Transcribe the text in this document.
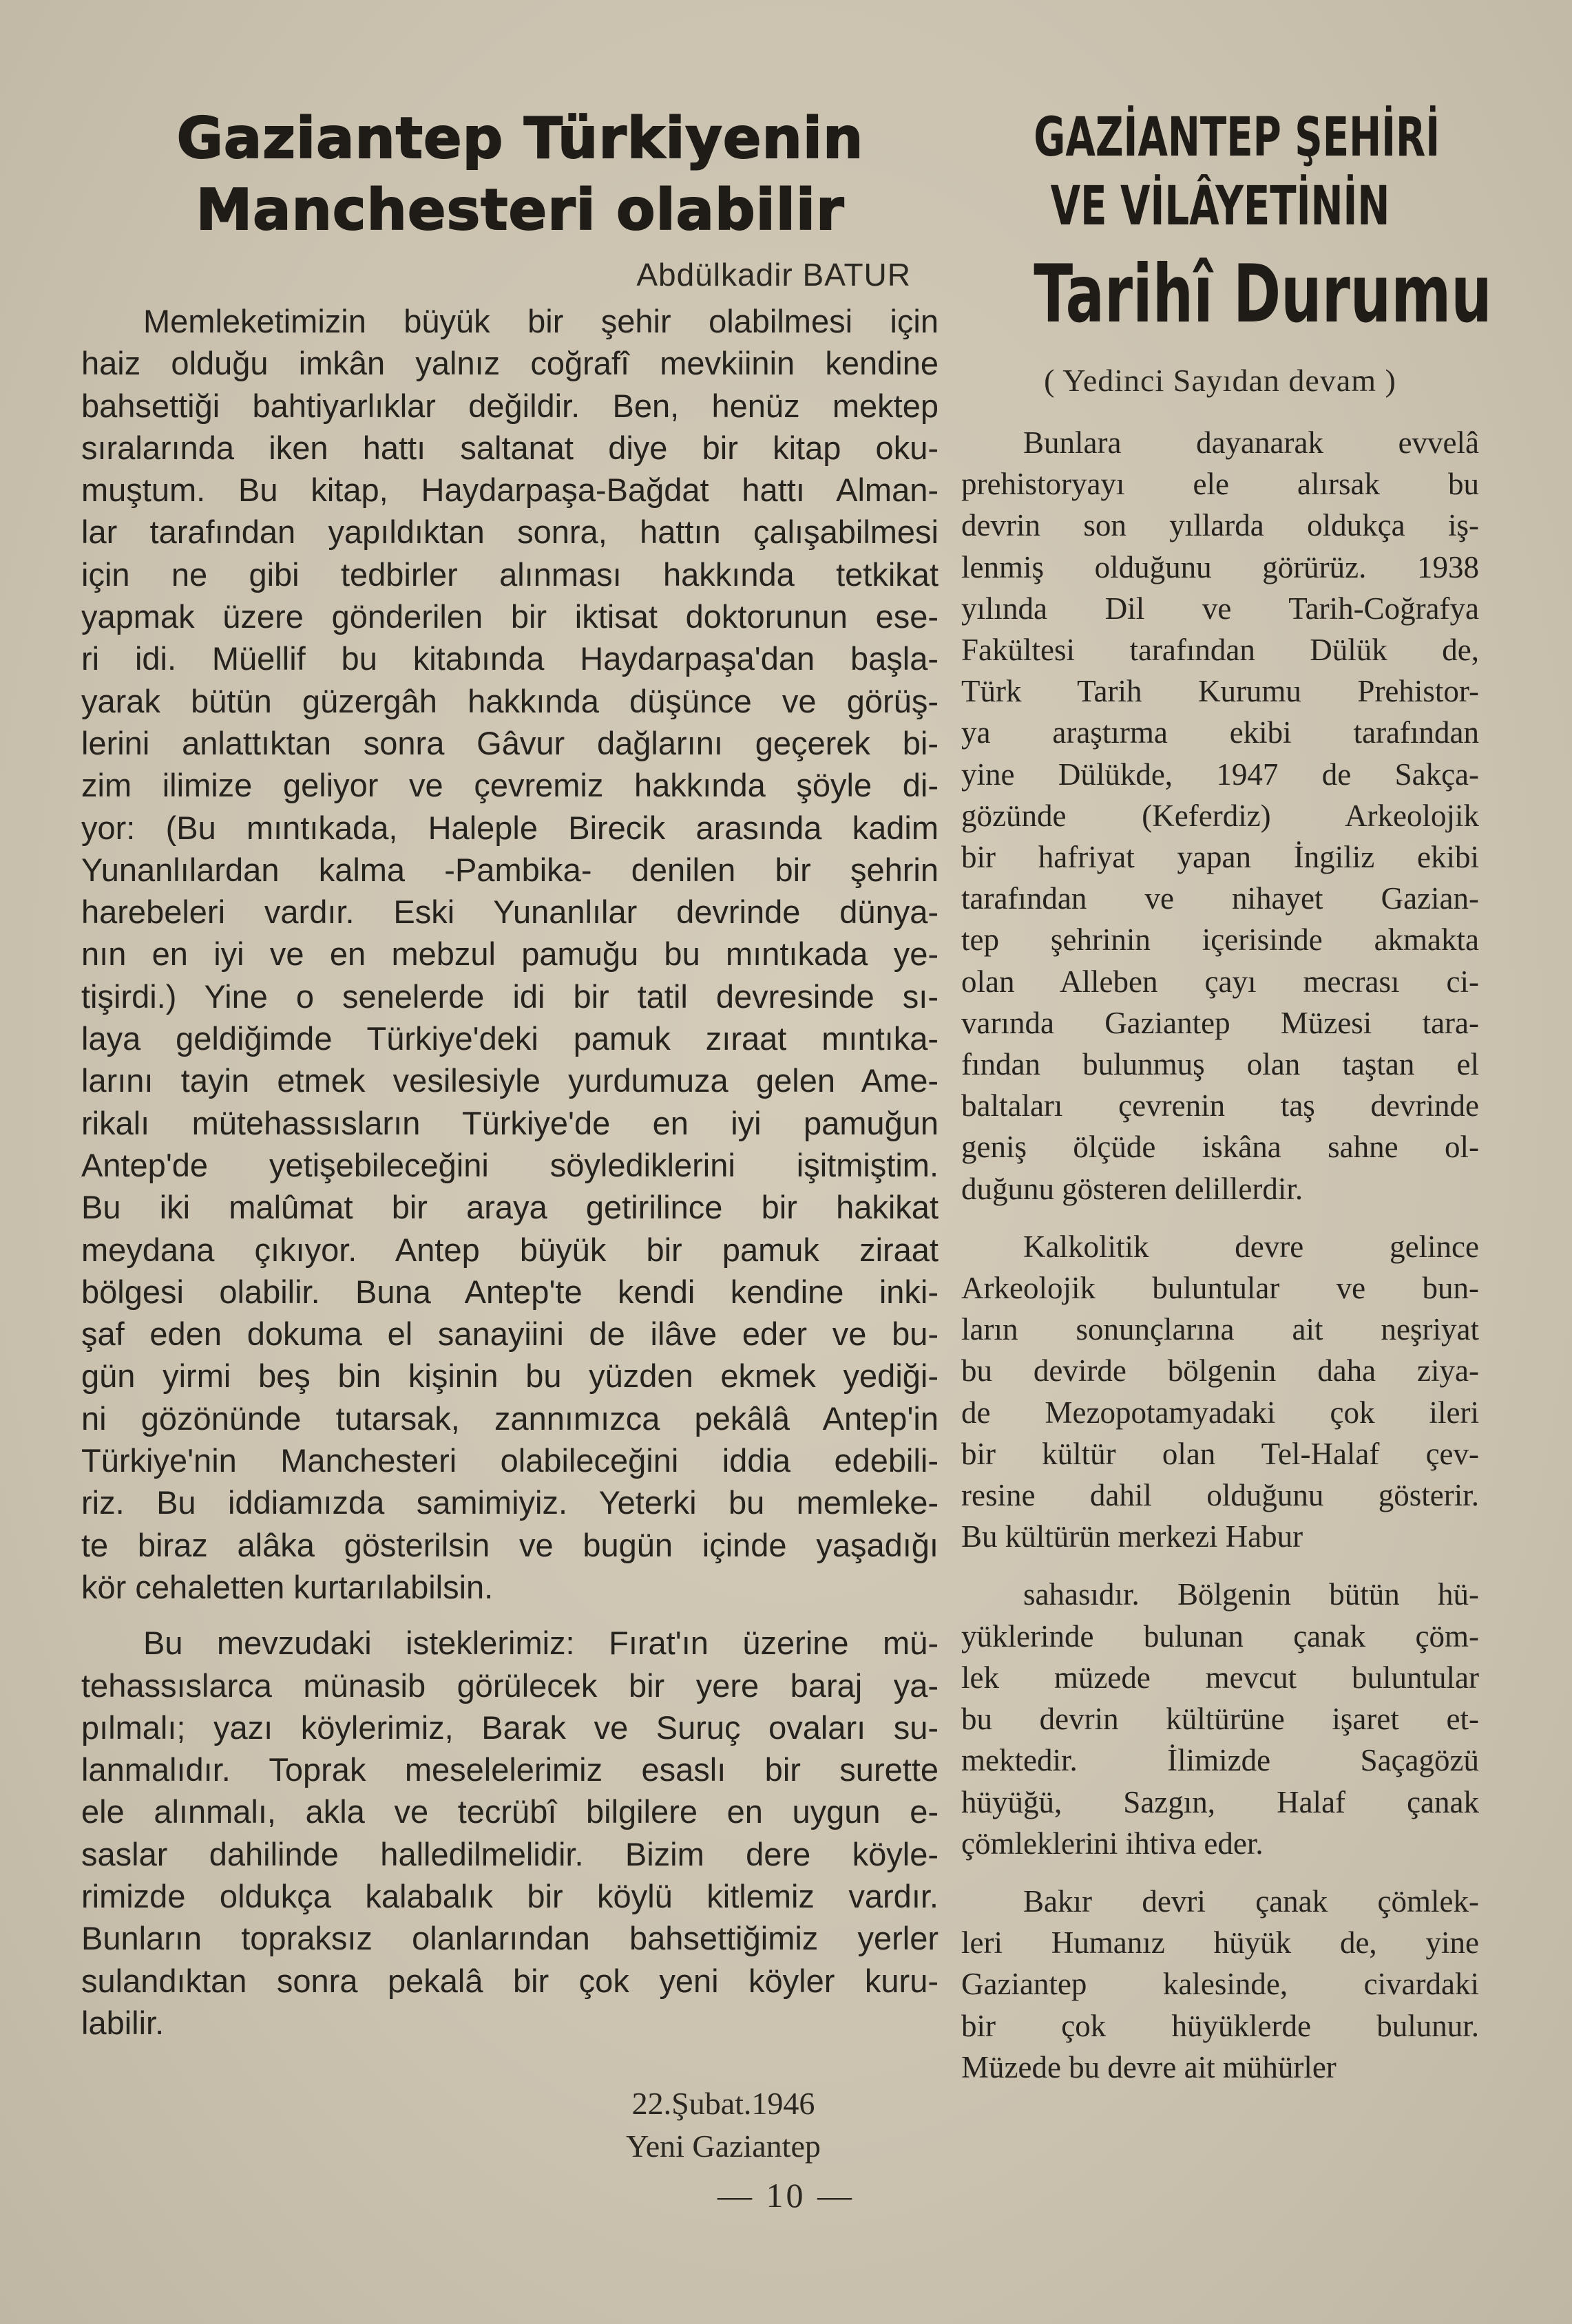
Gaziantep Türkiyenin
Manchesteri olabilir
Abdülkadir BATUR
Memleketimizin büyük bir şehir olabilmesi için
haiz olduğu imkân yalnız coğrafî mevkiinin kendine
bahsettiği bahtiyarlıklar değildir. Ben, henüz mektep
sıralarında iken hattı saltanat diye bir kitap oku-
muştum. Bu kitap, Haydarpaşa-Bağdat hattı Alman-
lar tarafından yapıldıktan sonra, hattın çalışabilmesi
için ne gibi tedbirler alınması hakkında tetkikat
yapmak üzere gönderilen bir iktisat doktorunun ese-
ri idi. Müellif bu kitabında Haydarpaşa'dan başla-
yarak bütün güzergâh hakkında düşünce ve görüş-
lerini anlattıktan sonra Gâvur dağlarını geçerek bi-
zim ilimize geliyor ve çevremiz hakkında şöyle di-
yor: (Bu mıntıkada, Haleple Birecik arasında kadim
Yunanlılardan kalma -Pambika- denilen bir şehrin
harebeleri vardır. Eski Yunanlılar devrinde dünya-
nın en iyi ve en mebzul pamuğu bu mıntıkada ye-
tişirdi.) Yine o senelerde idi bir tatil devresinde sı-
laya geldiğimde Türkiye'deki pamuk zıraat mıntıka-
larını tayin etmek vesilesiyle yurdumuza gelen Ame-
rikalı mütehassısların Türkiye'de en iyi pamuğun
Antep'de yetişebileceğini söylediklerini işitmiştim.
Bu iki malûmat bir araya getirilince bir hakikat
meydana çıkıyor. Antep büyük bir pamuk ziraat
bölgesi olabilir. Buna Antep'te kendi kendine inki-
şaf eden dokuma el sanayiini de ilâve eder ve bu-
gün yirmi beş bin kişinin bu yüzden ekmek yediği-
ni gözönünde tutarsak, zannımızca pekâlâ Antep'in
Türkiye'nin Manchesteri olabileceğini iddia edebili-
riz. Bu iddiamızda samimiyiz. Yeterki bu memleke-
te biraz alâka gösterilsin ve bugün içinde yaşadığı
kör cehaletten kurtarılabilsin.
Bu mevzudaki isteklerimiz: Fırat'ın üzerine mü-
tehassıslarca münasib görülecek bir yere baraj ya-
pılmalı; yazı köylerimiz, Barak ve Suruç ovaları su-
lanmalıdır. Toprak meselelerimiz esaslı bir surette
ele alınmalı, akla ve tecrübî bilgilere en uygun e-
saslar dahilinde halledilmelidir. Bizim dere köyle-
rimizde oldukça kalabalık bir köylü kitlemiz vardır.
Bunların topraksız olanlarından bahsettiğimiz yerler
sulandıktan sonra pekalâ bir çok yeni köyler kuru-
labilir.
22.Şubat.1946
Yeni Gaziantep
GAZİANTEP ŞEHİRİ
VE VİLÂYETİNİN
Tarihî Durumu
( Yedinci Sayıdan devam )
Bunlara dayanarak evvelâ
prehistoryayı ele alırsak bu
devrin son yıllarda oldukça iş-
lenmiş olduğunu görürüz. 1938
yılında Dil ve Tarih-Coğrafya
Fakültesi tarafından Dülük de,
Türk Tarih Kurumu Prehistor-
ya araştırma ekibi tarafından
yine Dülükde, 1947 de Sakça-
gözünde (Keferdiz) Arkeolojik
bir hafriyat yapan İngiliz ekibi
tarafından ve nihayet Gazian-
tep şehrinin içerisinde akmakta
olan Alleben çayı mecrası ci-
varında Gaziantep Müzesi tara-
fından bulunmuş olan taştan el
baltaları çevrenin taş devrinde
geniş ölçüde iskâna sahne ol-
duğunu gösteren delillerdir.
Kalkolitik devre gelince
Arkeolojik buluntular ve bun-
ların sonunçlarına ait neşriyat
bu devirde bölgenin daha ziya-
de Mezopotamyadaki çok ileri
bir kültür olan Tel-Halaf çev-
resine dahil olduğunu gösterir.
Bu kültürün merkezi Habur
sahasıdır. Bölgenin bütün hü-
yüklerinde bulunan çanak çöm-
lek müzede mevcut buluntular
bu devrin kültürüne işaret et-
mektedir. İlimizde Saçagözü
hüyüğü, Sazgın, Halaf çanak
çömleklerini ihtiva eder.
Bakır devri çanak çömlek-
leri Humanız hüyük de, yine
Gaziantep kalesinde, civardaki
bir çok hüyüklerde bulunur.
Müzede bu devre ait mühürler
— 10 —
